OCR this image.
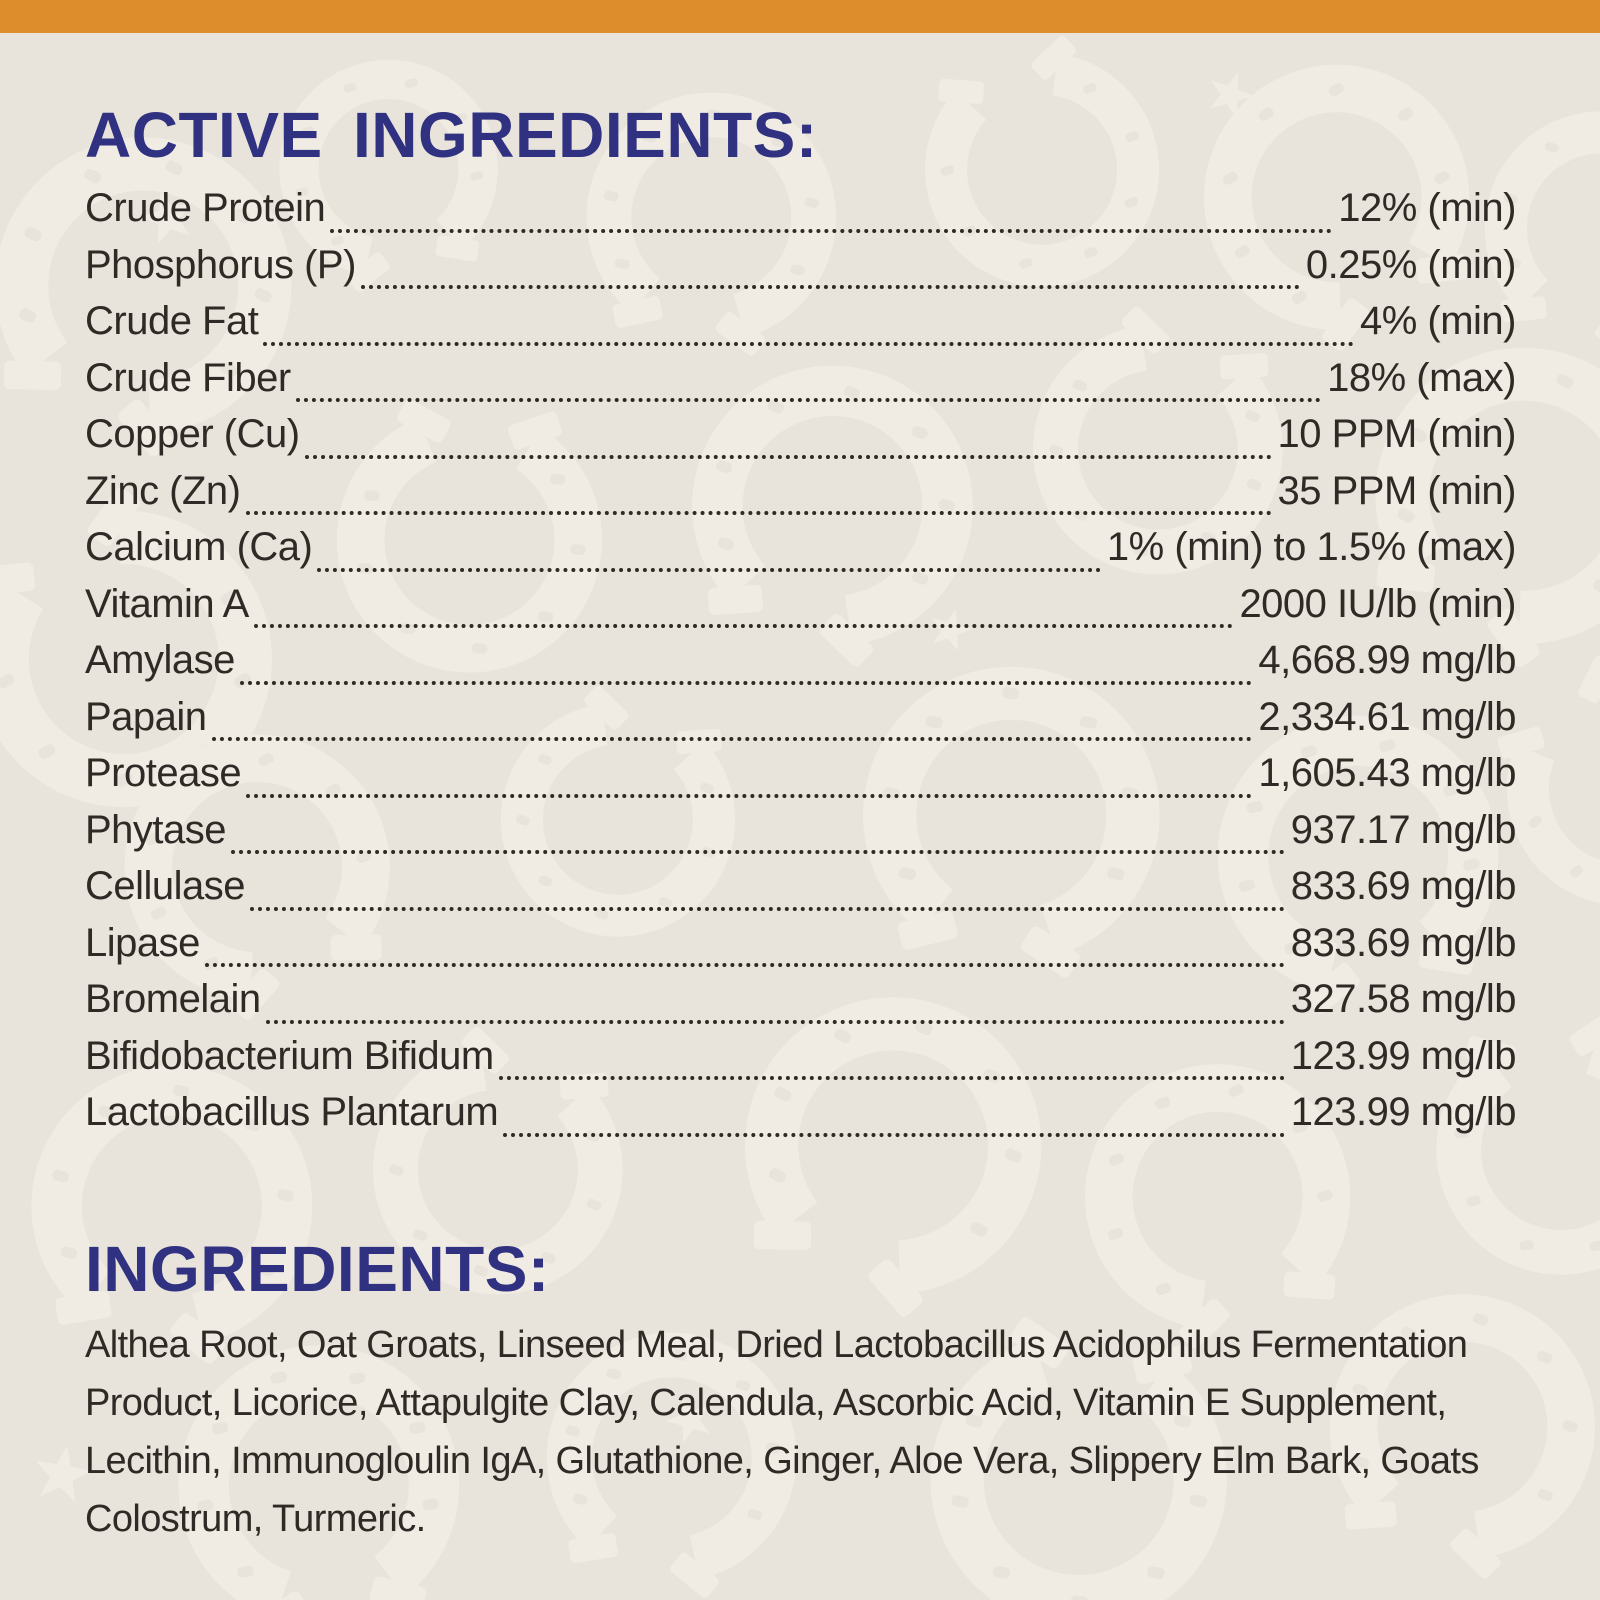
ACTIVE INGREDIENTS:
Crude Protein	12% (min)
Phosphorus (P)	0.25% (min)
Crude Fat	4% (min)
Crude Fiber	18% (max)
Copper (Cu)	10 PPM (min)
Zinc (Zn)	35 PPM (min)
Calcium (Ca)	1% (min) to 1.5% (max)
Vitamin A	2000 IU/lb (min)
Amylase	4,668.99 mg/lb
Papain	2,334.61 mg/lb
Protease	1,605.43 mg/lb
Phytase	937.17 mg/lb
Cellulase	833.69 mg/lb
Lipase	833.69 mg/lb
Bromelain	327.58 mg/lb
Bifidobacterium Bifidum	123.99 mg/lb
Lactobacillus Plantarum	123.99 mg/lb
INGREDIENTS:

Althea Root, Oat Groats, Linseed Meal, Dried Lactobacillus Acidophilus Fermentation Product, Licorice, Attapulgite Clay, Calendula, Ascorbic Acid, Vitamin E Supplement, Lecithin, Immunogloulin IgA, Glutathione, Ginger, Aloe Vera, Slippery Elm Bark, Goats Colostrum, Turmeric.
